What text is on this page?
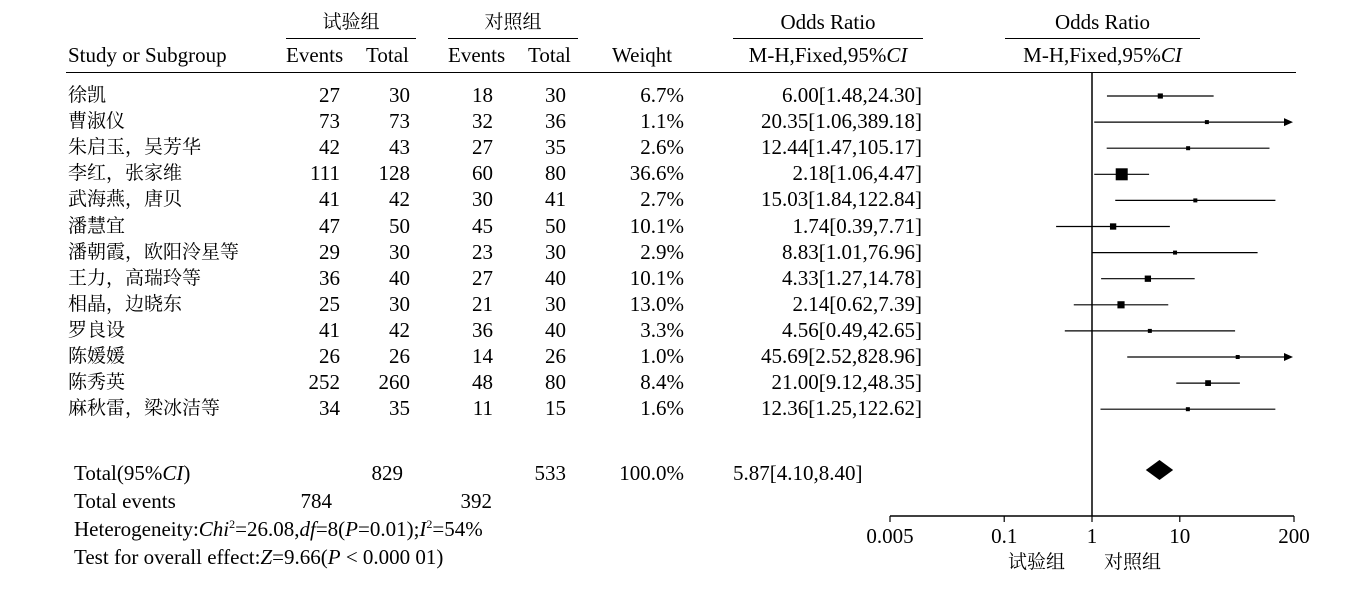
试验组	对照组	Odds Ratio	Odds Ratio
Study or Subgroup	Events Total Events Total Weiqht	M-H,Fixed,95%CI	M-H,Fixed,95%CI
徐凯	27	30	18	30	6.7%	6.00[1.48,24.30]
曹淑仪	73	73	32	36	1.1%	20.35[1.06,389.18]
朱启玉，吴芳华	42	43	27	35	2.6%	12.44[1.47,105.17]
李红，张家维	111	128	60	80	36.6%	2.18[1.06,4.47]
武海燕，唐贝	41	42	30	41	2.7%	15.03[1.84,122.84]
潘慧宜	47	50	45	50	10.1%	1.74[0.39,7.71]
潘朝霞，欧阳泠星等	29	30	23	30	2.9%	8.83[1.01,76.96]
王力，高瑞玲等	36	40	27	40	10.1%	4.33[1.27,14.78]
相晶，边晓东	25	30	21	30	13.0%	2.14[0.62,7.39]
罗良设	41	42	36	40	3.3%	4.56[0.49,42.65]
陈媛媛	26	26	14	26	1.0%	45.69[2.52,828.96]
陈秀英	252	260	48	80	8.4%	21.00[9.12,48.35]
麻秋雷，梁冰洁等	34	35	11	15	1.6%	12.36[1.25,122.62]
Total(95%CI)	829	533	100.0% 5.87[4.10,8.40]
Total events	784	392
$Heterogeneity:Chi^2=26.08,df=8(P=0.01);I^2=54\%$
Test for overall effect:Z=9.66(P < 0.000 01)
0.005	0.1	1	10	200
试验组 对照组
